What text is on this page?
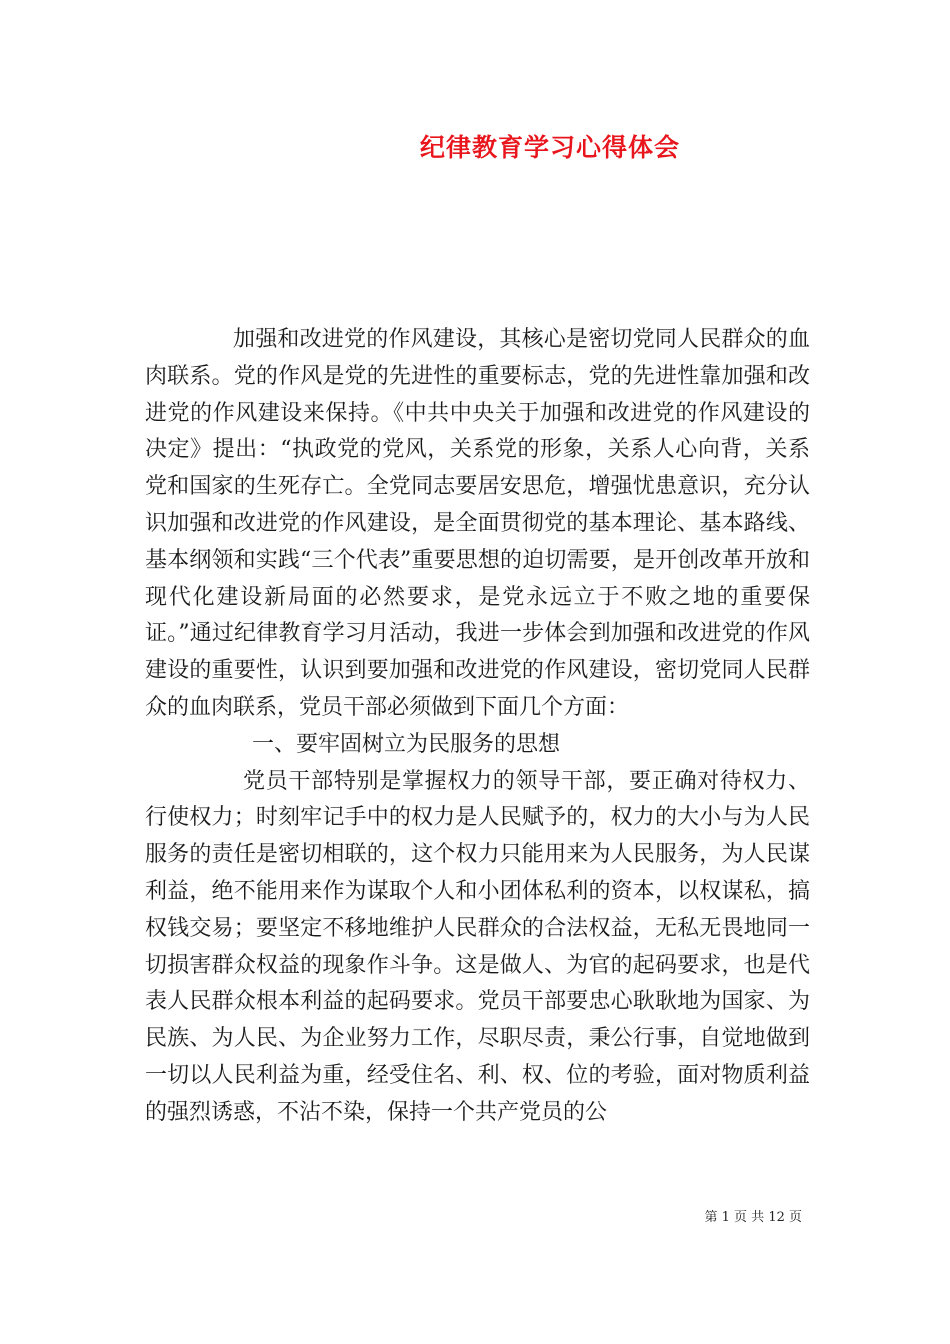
纪律教育学习心得体会

加强和改进党的作风建设，其核心是密切党同人民群众的血肉联系。党的作风是党的先进性的重要标志，党的先进性靠加强和改进党的作风建设来保持。《中共中央关于加强和改进党的作风建设的决定》提出：“执政党的党风，关系党的形象，关系人心向背，关系党和国家的生死存亡。全党同志要居安思危，增强忧患意识，充分认识加强和改进党的作风建设，是全面贯彻党的基本理论、基本路线、基本纲领和实践“三个代表”重要思想的迫切需要，是开创改革开放和现代化建设新局面的必然要求，是党永远立于不败之地的重要保证。”通过纪律教育学习月活动，我进一步体会到加强和改进党的作风建设的重要性，认识到要加强和改进党的作风建设，密切党同人民群众的血肉联系，党员干部必须做到下面几个方面：

一、要牢固树立为民服务的思想

党员干部特别是掌握权力的领导干部，要正确对待权力、行使权力；时刻牢记手中的权力是人民赋予的，权力的大小与为人民服务的责任是密切相联的，这个权力只能用来为人民服务，为人民谋利益，绝不能用来作为谋取个人和小团体私利的资本，以权谋私，搞权钱交易；要坚定不移地维护人民群众的合法权益，无私无畏地同一切损害群众权益的现象作斗争。这是做人、为官的起码要求，也是代表人民群众根本利益的起码要求。党员干部要忠心耿耿地为国家、为民族、为人民、为企业努力工作，尽职尽责，秉公行事，自觉地做到一切以人民利益为重，经受住名、利、权、位的考验，面对物质利益的强烈诱惑，不沾不染，保持一个共产党员的公

第 1 页 共 12 页
